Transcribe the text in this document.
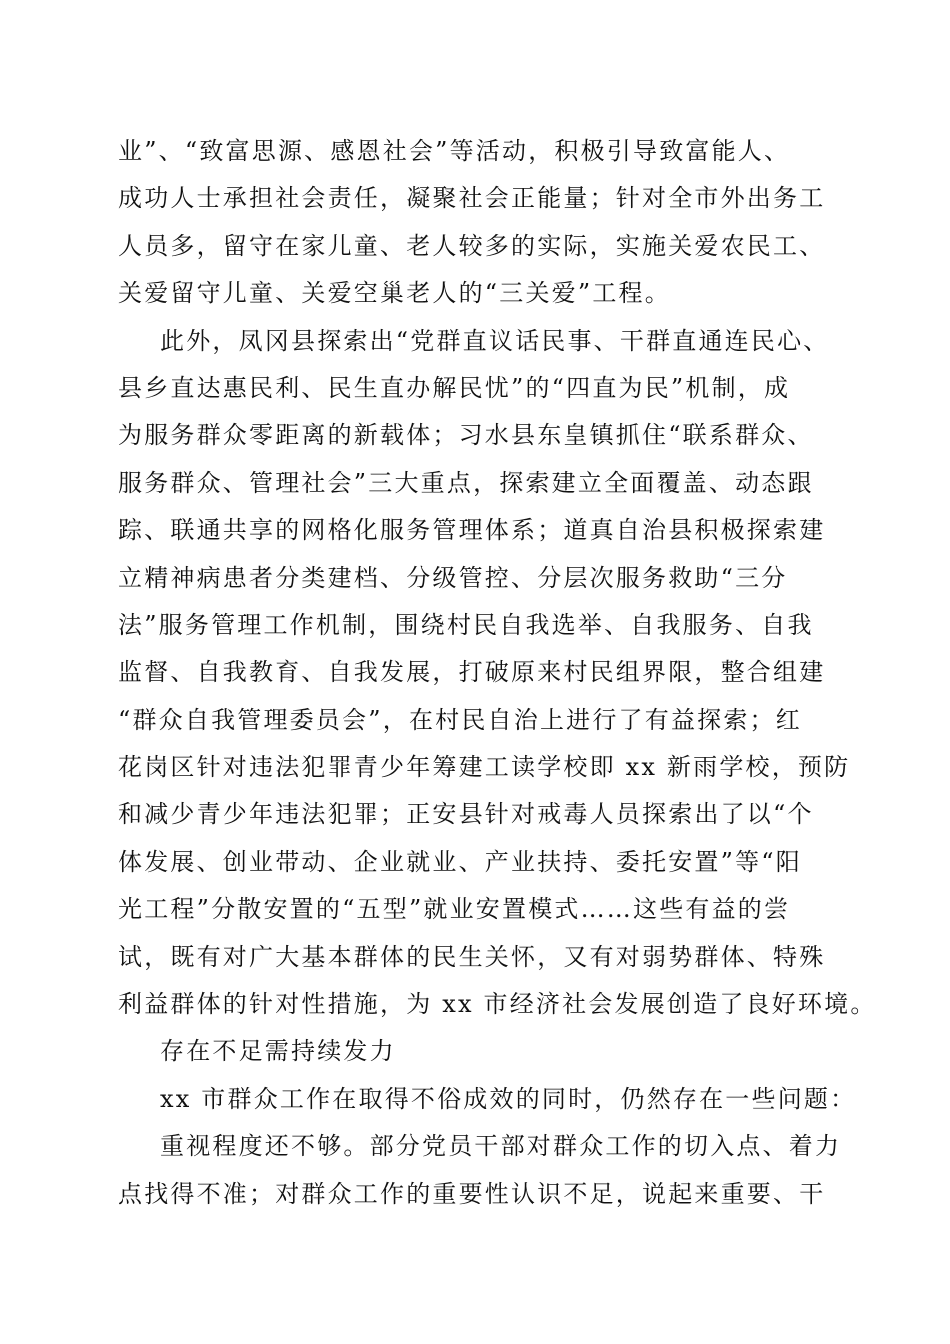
业”、“致富思源、感恩社会”等活动，积极引导致富能人、
成功人士承担社会责任，凝聚社会正能量；针对全市外出务工
人员多，留守在家儿童、老人较多的实际，实施关爱农民工、
关爱留守儿童、关爱空巢老人的“三关爱”工程。
此外，凤冈县探索出“党群直议话民事、干群直通连民心、
县乡直达惠民利、民生直办解民忧”的“四直为民”机制，成
为服务群众零距离的新载体；习水县东皇镇抓住“联系群众、
服务群众、管理社会”三大重点，探索建立全面覆盖、动态跟
踪、联通共享的网格化服务管理体系；道真自治县积极探索建
立精神病患者分类建档、分级管控、分层次服务救助“三分
法”服务管理工作机制，围绕村民自我选举、自我服务、自我
监督、自我教育、自我发展，打破原来村民组界限，整合组建
“群众自我管理委员会”，在村民自治上进行了有益探索；红
花岗区针对违法犯罪青少年筹建工读学校即 xx 新雨学校，预防
和减少青少年违法犯罪；正安县针对戒毒人员探索出了以“个
体发展、创业带动、企业就业、产业扶持、委托安置”等“阳
光工程”分散安置的“五型”就业安置模式……这些有益的尝
试，既有对广大基本群体的民生关怀，又有对弱势群体、特殊
利益群体的针对性措施，为 xx 市经济社会发展创造了良好环境。
存在不足需持续发力
xx 市群众工作在取得不俗成效的同时，仍然存在一些问题：
重视程度还不够。部分党员干部对群众工作的切入点、着力
点找得不准；对群众工作的重要性认识不足，说起来重要、干
